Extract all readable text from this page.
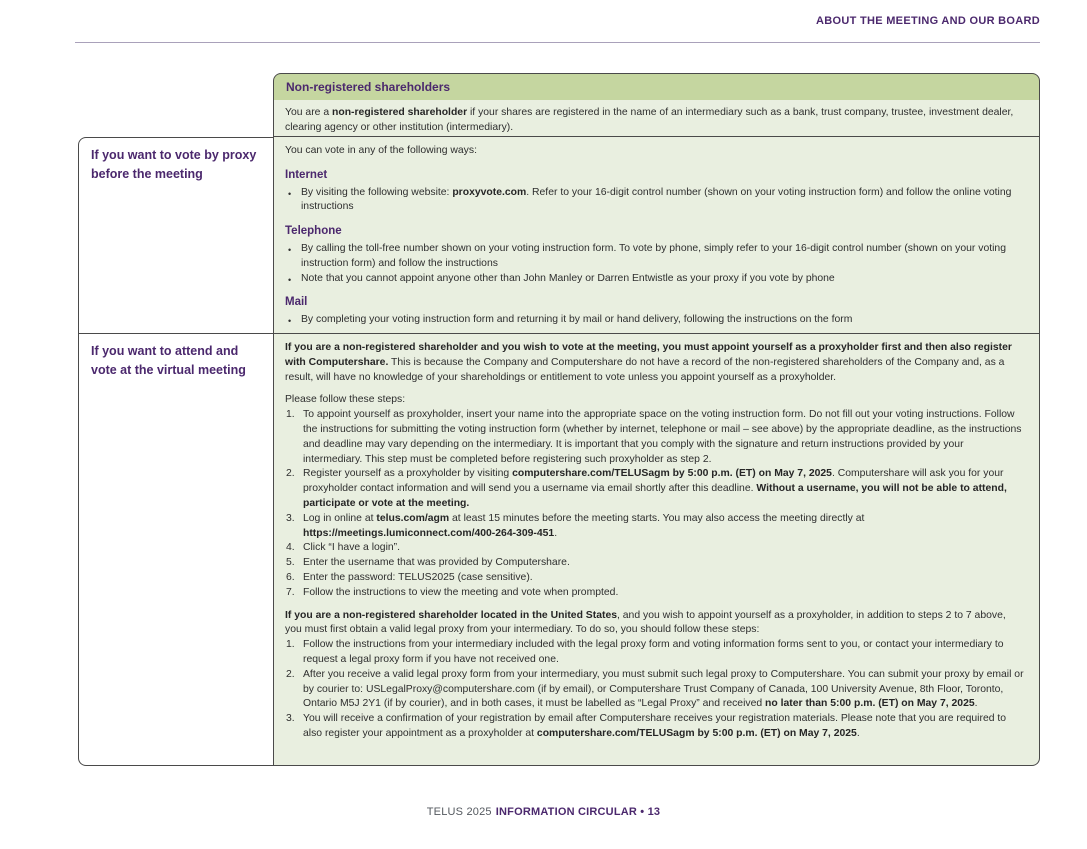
ABOUT THE MEETING AND OUR BOARD
Non-registered shareholders

You are a non-registered shareholder if your shares are registered in the name of an intermediary such as a bank, trust company, trustee, investment dealer, clearing agency or other institution (intermediary).

If you want to vote by proxy before the meeting

You can vote in any of the following ways:

Internet
• By visiting the following website: proxyvote.com. Refer to your 16-digit control number (shown on your voting instruction form) and follow the online voting instructions
Telephone
• By calling the toll-free number shown on your voting instruction form. To vote by phone, simply refer to your 16-digit control number (shown on your voting instruction form) and follow the instructions
• Note that you cannot appoint anyone other than John Manley or Darren Entwistle as your proxy if you vote by phone
Mail
• By completing your voting instruction form and returning it by mail or hand delivery, following the instructions on the form

If you want to attend and vote at the virtual meeting

If you are a non-registered shareholder and you wish to vote at the meeting, you must appoint yourself as a proxyholder first and then also register with Computershare. This is because the Company and Computershare do not have a record of the non-registered shareholders of the Company and, as a result, will have no knowledge of your shareholdings or entitlement to vote unless you appoint yourself as a proxyholder.

Please follow these steps:

To appoint yourself as proxyholder, insert your name into the appropriate space on the voting instruction form. Do not fill out your voting instructions. Follow the instructions for submitting the voting instruction form (whether by internet, telephone or mail – see above) by the appropriate deadline, as the instructions and deadline may vary depending on the intermediary. It is important that you comply with the signature and return instructions provided by your intermediary. This step must be completed before registering such proxyholder as step 2.
Register yourself as a proxyholder by visiting computershare.com/TELUSagm by 5:00 p.m. (ET) on May 7, 2025. Computershare will ask you for your proxyholder contact information and will send you a username via email shortly after this deadline. Without a username, you will not be able to attend, participate or vote at the meeting.
Log in online at telus.com/agm at least 15 minutes before the meeting starts. You may also access the meeting directly at https://meetings.lumiconnect.com/400-264-309-451.
Click “I have a login”.
Enter the username that was provided by Computershare.
Enter the password: TELUS2025 (case sensitive).
Follow the instructions to view the meeting and vote when prompted.

If you are a non-registered shareholder located in the United States, and you wish to appoint yourself as a proxyholder, in addition to steps 2 to 7 above, you must first obtain a valid legal proxy from your intermediary. To do so, you should follow these steps:

Follow the instructions from your intermediary included with the legal proxy form and voting information forms sent to you, or contact your intermediary to request a legal proxy form if you have not received one.
After you receive a valid legal proxy form from your intermediary, you must submit such legal proxy to Computershare. You can submit your proxy by email or by courier to: USLegalProxy@computershare.com (if by email), or Computershare Trust Company of Canada, 100 University Avenue, 8th Floor, Toronto, Ontario M5J 2Y1 (if by courier), and in both cases, it must be labelled as “Legal Proxy” and received no later than 5:00 p.m. (ET) on May 7, 2025.
You will receive a confirmation of your registration by email after Computershare receives your registration materials. Please note that you are required to also register your appointment as a proxyholder at computershare.com/TELUSagm by 5:00 p.m. (ET) on May 7, 2025.
TELUS 2025 INFORMATION CIRCULAR • 13
